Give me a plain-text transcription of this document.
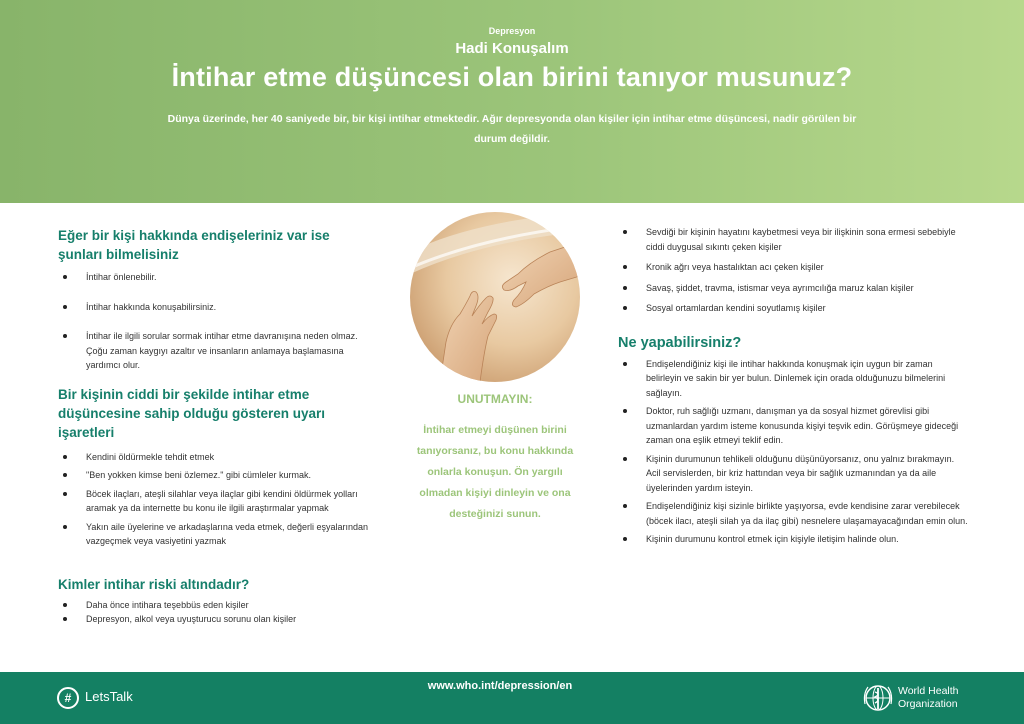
Depresyon
Hadi Konuşalım
İntihar etme düşüncesi olan birini tanıyor musunuz?
Dünya üzerinde, her 40 saniyede bir, bir kişi intihar etmektedir. Ağır depresyonda olan kişiler için intihar etme düşüncesi, nadir görülen bir durum değildir.
Eğer bir kişi hakkında endişeleriniz var ise şunları bilmelisiniz
İntihar önlenebilir.
İntihar hakkında konuşabilirsiniz.
İntihar ile ilgili sorular sormak intihar etme davranışına neden olmaz. Çoğu zaman kaygıyı azaltır ve insanların anlamaya başlamasına yardımcı olur.
Bir kişinin ciddi bir şekilde intihar etme düşüncesine sahip olduğu gösteren uyarı işaretleri
Kendini öldürmekle tehdit etmek
"Ben yokken kimse beni özlemez." gibi cümleler kurmak.
Böcek ilaçları, ateşli silahlar veya ilaçlar gibi kendini öldürmek yolları aramak ya da internette bu konu ile ilgili araştırmalar yapmak
Yakın aile üyelerine ve arkadaşlarına veda etmek, değerli eşyalarından vazgeçmek veya vasiyetini yazmak
Kimler intihar riski altındadır?
Daha önce intihara teşebbüs eden kişiler
Depresyon, alkol veya uyuşturucu sorunu olan kişiler
UNUTMAYIN:
İntihar etmeyi düşünen birini tanıyorsanız, bu konu hakkında onlarla konuşun. Ön yargılı olmadan kişiyi dinleyin ve ona desteğinizi sunun.
Sevdiği bir kişinin hayatını kaybetmesi veya bir ilişkinin sona ermesi sebebiyle ciddi duygusal sıkıntı çeken kişiler
Kronik ağrı veya hastalıktan acı çeken kişiler
Savaş, şiddet, travma, istismar veya ayrımcılığa maruz kalan kişiler
Sosyal ortamlardan kendini soyutlamış kişiler
Ne yapabilirsiniz?
Endişelendiğiniz kişi ile intihar hakkında konuşmak için uygun bir zaman belirleyin ve sakin bir yer bulun. Dinlemek için orada olduğunuzu bilmelerini sağlayın.
Doktor, ruh sağlığı uzmanı, danışman ya da sosyal hizmet görevlisi gibi uzmanlardan yardım isteme konusunda kişiyi teşvik edin. Görüşmeye gideceği zaman ona eşlik etmeyi teklif edin.
Kişinin durumunun tehlikeli olduğunu düşünüyorsanız, onu yalnız bırakmayın. Acil servislerden, bir kriz hattından veya bir sağlık uzmanından ya da aile üyelerinden yardım isteyin.
Endişelendiğiniz kişi sizinle birlikte yaşıyorsa, evde kendisine zarar verebilecek (böcek ilacı, ateşli silah ya da ilaç gibi) nesnelere ulaşamayacağından emin olun.
Kişinin durumunu kontrol etmek için kişiyle iletişim halinde olun.
#	LetsTalk
www.who.int/depression/en	World Health
Organization
